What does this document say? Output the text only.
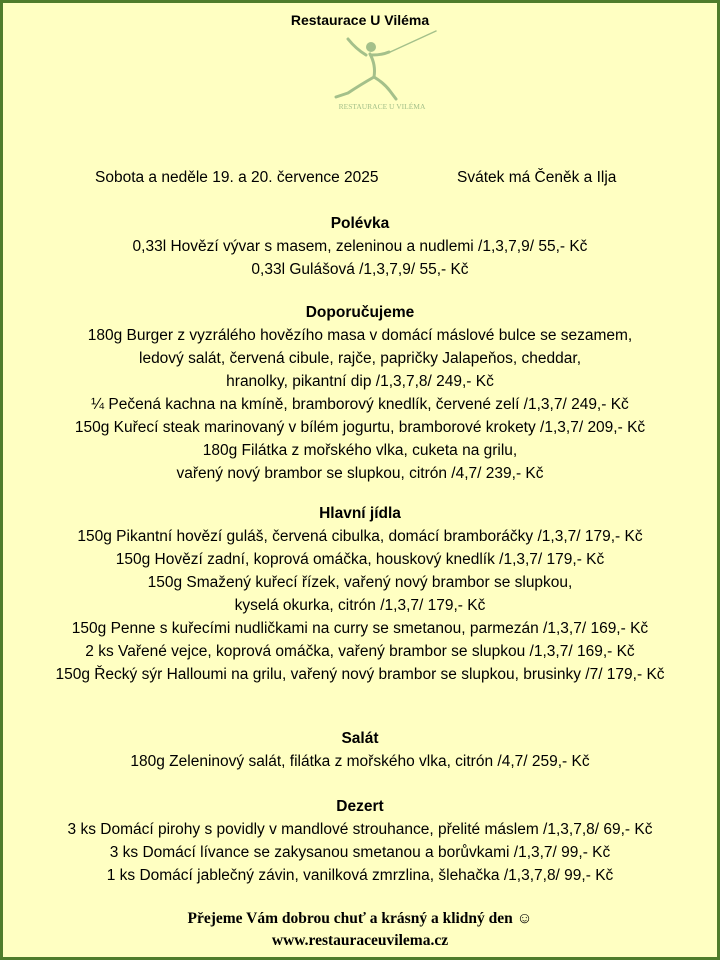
Restaurace U Viléma
RESTAURACE U VILÉMA
Sobota a neděle 19. a 20. července 2025	Svátek má Čeněk a Ilja
Polévka
0,33l Hovězí vývar s masem, zeleninou a nudlemi /1,3,7,9/ 55,- Kč
0,33l Gulášová /1,3,7,9/ 55,- Kč
Doporučujeme
180g Burger z vyzrálého hovězího masa v domácí máslové bulce se sezamem,
ledový salát, červená cibule, rajče, papričky Jalapeňos, cheddar,
hranolky, pikantní dip /1,3,7,8/ 249,- Kč
¼ Pečená kachna na kmíně, bramborový knedlík, červené zelí /1,3,7/ 249,- Kč
150g Kuřecí steak marinovaný v bílém jogurtu, bramborové krokety /1,3,7/ 209,- Kč
180g Filátka z mořského vlka, cuketa na grilu,
vařený nový brambor se slupkou, citrón /4,7/ 239,- Kč
Hlavní jídla
150g Pikantní hovězí guláš, červená cibulka, domácí bramboráčky /1,3,7/ 179,- Kč
150g Hovězí zadní, koprová omáčka, houskový knedlík /1,3,7/ 179,- Kč
150g Smažený kuřecí řízek, vařený nový brambor se slupkou,
kyselá okurka, citrón /1,3,7/ 179,- Kč
150g Penne s kuřecími nudličkami na curry se smetanou, parmezán /1,3,7/ 169,- Kč
2 ks Vařené vejce, koprová omáčka, vařený brambor se slupkou /1,3,7/ 169,- Kč
150g Řecký sýr Halloumi na grilu, vařený nový brambor se slupkou, brusinky /7/ 179,- Kč
Salát
180g Zeleninový salát, filátka z mořského vlka, citrón /4,7/ 259,- Kč
Dezert
3 ks Domácí pirohy s povidly v mandlové strouhance, přelité máslem /1,3,7,8/ 69,- Kč
3 ks Domácí lívance se zakysanou smetanou a borůvkami /1,3,7/ 99,- Kč
1 ks Domácí jablečný závin, vanilková zmrzlina, šlehačka /1,3,7,8/ 99,- Kč
Přejeme Vám dobrou chuť a krásný a klidný den ☺
www.restauraceuvilema.cz
